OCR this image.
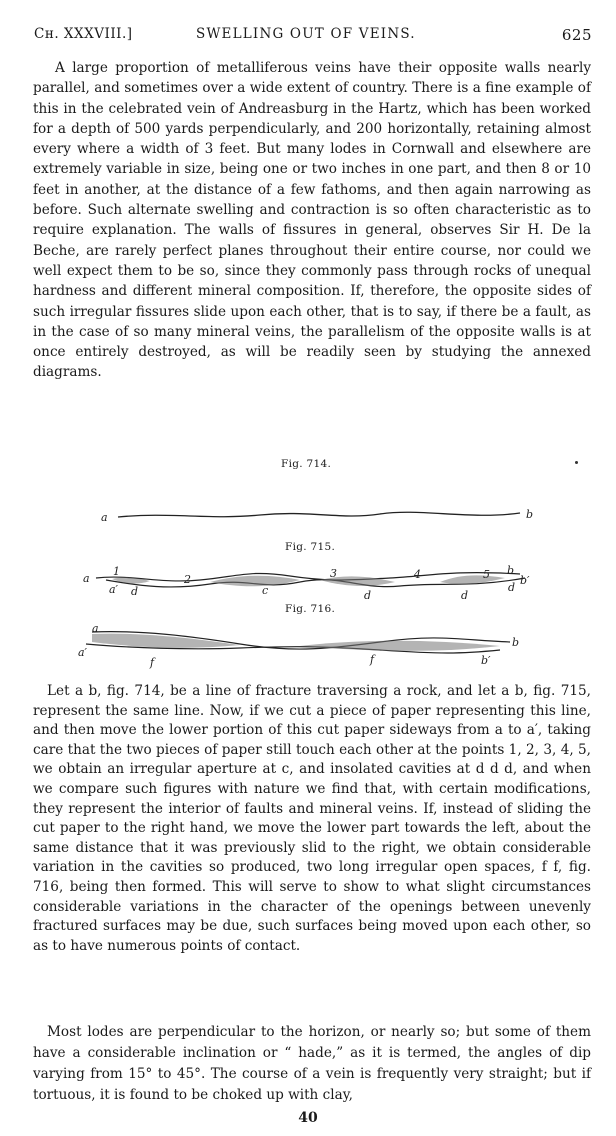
Cн. XXXVIII.]	SWELLING OUT OF VEINS.	625

A large proportion of metalliferous veins have their opposite walls nearly parallel, and sometimes over a wide extent of country. There is a fine example of this in the celebrated vein of Andreasburg in the Hartz, which has been worked for a depth of 500 yards perpendicularly, and 200 horizontally, retaining almost every where a width of 3 feet. But many lodes in Cornwall and elsewhere are extremely variable in size, being one or two inches in one part, and then 8 or 10 feet in another, at the distance of a few fathoms, and then again narrowing as before. Such alternate swelling and contraction is so often characteristic as to require explanation. The walls of fissures in general, observes Sir H. De la Beche, are rarely perfect planes throughout their entire course, nor could we well expect them to be so, since they commonly pass through rocks of unequal hardness and different mineral composition. If, therefore, the opposite sides of such irregular fissures slide upon each other, that is to say, if there be a fault, as in the case of so many mineral veins, the parallelism of the opposite walls is at once entirely destroyed, as will be readily seen by studying the annexed diagrams.

Fig. 714.
a	b
Fig. 715.
a
a′
1
d
2
c
3
d
4
d
5 b
d
b′
Fig. 716.
a
a′
f	f	b′
b

Let a b, fig. 714, be a line of fracture traversing a rock, and let a b, fig. 715, represent the same line. Now, if we cut a piece of paper representing this line, and then move the lower portion of this cut paper sideways from a to a′, taking care that the two pieces of paper still touch each other at the points 1, 2, 3, 4, 5, we obtain an irregular aperture at c, and insolated cavities at d d d, and when we compare such figures with nature we find that, with certain modifications, they represent the interior of faults and mineral veins. If, instead of sliding the cut paper to the right hand, we move the lower part towards the left, about the same distance that it was previously slid to the right, we obtain considerable variation in the cavities so produced, two long irregular open spaces, f f, fig. 716, being then formed. This will serve to show to what slight circumstances considerable variations in the character of the openings between unevenly fractured surfaces may be due, such surfaces being moved upon each other, so as to have numerous points of contact.

Most lodes are perpendicular to the horizon, or nearly so; but some of them have a considerable inclination or “ hade,” as it is termed, the angles of dip varying from 15° to 45°. The course of a vein is frequently very straight; but if tortuous, it is found to be choked up with clay,

40
